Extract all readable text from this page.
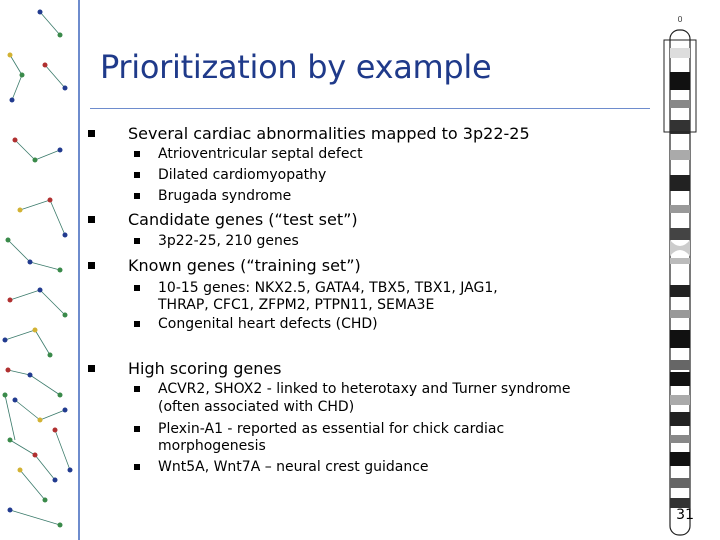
Prioritization by example
0
Several cardiac abnormalities mapped to 3p22-25
Atrioventricular septal defect
Dilated cardiomyopathy
Brugada syndrome
Candidate genes (“test set”)
3p22-25, 210 genes
Known genes (“training set”)
10-15 genes: NKX2.5, GATA4, TBX5, TBX1, JAG1,
THRAP, CFC1, ZFPM2, PTPN11, SEMA3E
Congenital heart defects (CHD)
High scoring genes
ACVR2, SHOX2 - linked to heterotaxy and Turner syndrome
(often associated with CHD)
Plexin-A1 - reported as essential for chick cardiac
morphogenesis
Wnt5A, Wnt7A – neural crest guidance
31
